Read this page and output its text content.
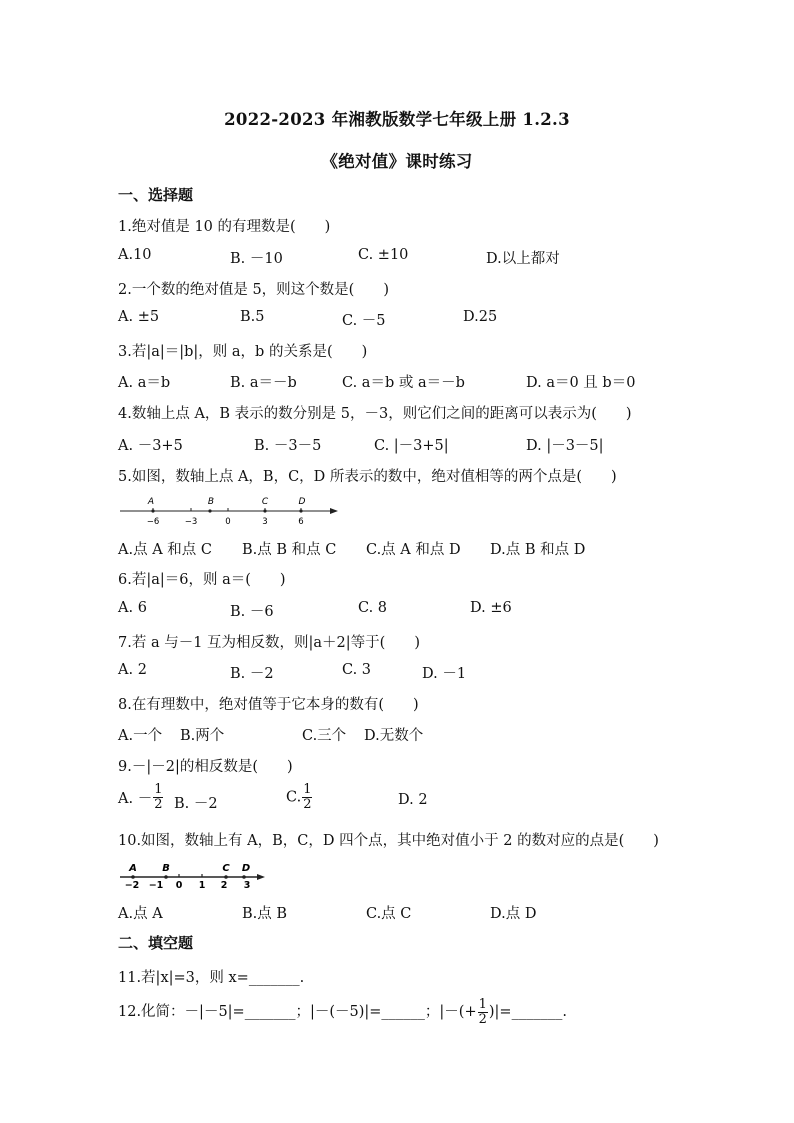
2022-2023 年湘教版数学七年级上册 1.2.3
《绝对值》课时练习
一、选择题
1.绝对值是 10 的有理数是(　　)
A.10	B. －10	C. ±10	D.以上都对
2.一个数的绝对值是 5，则这个数是(　　)
A. ±5	B.5	C. －5	D.25
3.若|a|＝|b|，则 a，b 的关系是(　　)
A. a＝b	B. a＝－b	C. a＝b 或 a＝－b	D. a＝0 且 b＝0
4.数轴上点 A，B 表示的数分别是 5，－3，则它们之间的距离可以表示为(　　)
A. －3+5	B. －3－5	C. |－3+5|	D. |－3－5|
5.如图，数轴上点 A，B，C，D 所表示的数中，绝对值相等的两个点是(　　)
A	B	C	D
−6	−3	0	3	6
A.点 A 和点 C B.点 B 和点 C C.点 A 和点 D D.点 B 和点 D
6.若|a|＝6，则 a＝(　　)
A. 6	B. －6	C. 8	D. ±6
7.若 a 与－1 互为相反数，则|a＋2|等于(　　)
A. 2	B. －2	C. 3	D. －1
8.在有理数中，绝对值等于它本身的数有(　　)
A.一个 B.两个	C.三个 D.无数个
9.－|－2|的相反数是(　　)
A. － $\frac{1}{2} B$. －2	C. $\frac{1}{2}$	D. 2
10.如图，数轴上有 A，B，C，D 四个点，其中绝对值小于 2 的数对应的点是(　　)
A	B	C D
−2 −1 0 1 2 3
A.点 A	B.点 B	C.点 C	D.点 D
二、填空题
11.若|x|=3，则 x=_______.
12.化简：－|－5|=_______；|－(－5)|=______；|－(+ $\frac{1}{2}$ )|=_______.
